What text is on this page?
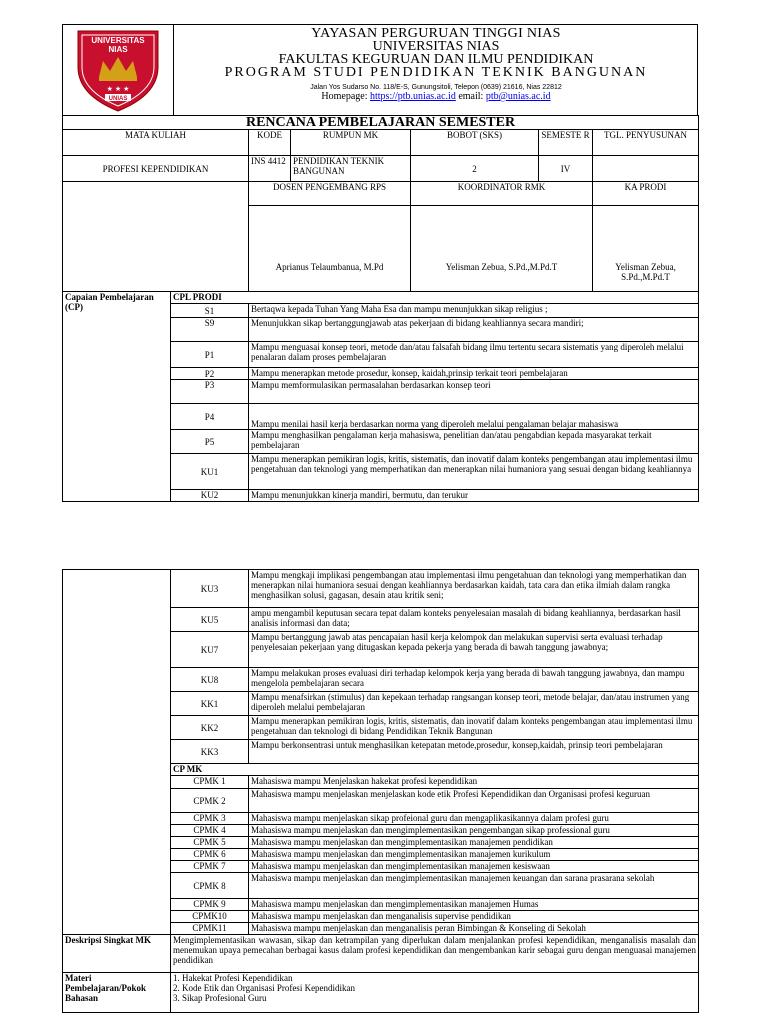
UNIVERSITAS
NIAS
★ ★ ★
UNIAS
YAYASAN PERGURUAN TINGGI NIAS
UNIVERSITAS NIAS
FAKULTAS KEGURUAN DAN ILMU PENDIDIKAN
PROGRAM STUDI PENDIDIKAN TEKNIK BANGUNAN
Jalan Yos Sudarso No. 118/E-S, Gunungsitoli, Telepon (0639) 21616, Nias 22812
Homepage: https://ptb.unias.ac.id email: ptb@unias.ac.id
RENCANA PEMBELAJARAN SEMESTER					
MATA KULIAH	KODE	RUMPUN MK	BOBOT (SKS)	SEMESTE R	TGL. PENYUSUNAN
PROFESI KEPENDIDIKAN	INS 4412	PENDIDIKAN TEKNIK BANGUNAN	2	IV	
	DOSEN PENGEMBANG RPS		KOORDINATOR RMK		KA PRODI

	Aprianus Telaumbanua, M.Pd		Yelisman Zebua, S.Pd.,M.Pd.T		Yelisman Zebua, S.Pd.,M.Pd.T
Capaian Pembelajaran (CP)	CPL PRODI	
	S1	Bertaqwa kepada Tuhan Yang Maha Esa dan mampu menunjukkan sikap religius ;
	S9	Menunjukkan sikap bertanggungjawab atas pekerjaan di bidang keahliannya secara mandiri;
	P1	Mampu menguasai konsep teori, metode dan/atau falsafah bidang ilmu tertentu secara sistematis yang diperoleh melalui penalaran dalam proses pembelajaran
	P2	Mampu menerapkan metode prosedur, konsep, kaidah,prinsip terkait teori pembelajaran
	P3	Mampu memformulasikan permasalahan berdasarkan konsep teori
	P4	Mampu menilai hasil kerja berdasarkan norma yang diperoleh melalui pengalaman belajar mahasiswa
	P5	Mampu menghasilkan pengalaman kerja mahasiswa, penelitian dan/atau pengabdian kepada masyarakat terkait pembelajaran
	KU1	Mampu menerapkan pemikiran logis, kritis, sistematis, dan inovatif dalam konteks pengembangan atau implementasi ilmu pengetahuan dan teknologi yang memperhatikan dan menerapkan nilai humaniora yang sesuai dengan bidang keahliannya
	KU2	Mampu menunjukkan kinerja mandiri, bermutu, dan terukur
	KU3	Mampu mengkaji implikasi pengembangan atau implementasi ilmu pengetahuan dan teknologi yang memperhatikan dan menerapkan nilai humaniora sesuai dengan keahliannya berdasarkan kaidah, tata cara dan etika ilmiah dalam rangka menghasilkan solusi, gagasan, desain atau kritik seni;
	KU5	ampu mengambil keputusan secara tepat dalam konteks penyelesaian masalah di bidang keahliannya, berdasarkan hasil analisis informasi dan data;
	KU7	Mampu bertanggung jawab atas pencapaian hasil kerja kelompok dan melakukan supervisi serta evaluasi terhadap penyelesaian pekerjaan yang ditugaskan kepada pekerja yang berada di bawah tanggung jawabnya;
	KU8	Mampu melakukan proses evaluasi diri terhadap kelompok kerja yang berada di bawah tanggung jawabnya, dan mampu mengelola pembelajaran secara
	KK1	Mampu menafsirkan (stimulus) dan kepekaan terhadap rangsangan konsep teori, metode belajar, dan/atau instrumen yang diperoleh melalui pembelajaran
	KK2	Mampu menerapkan pemikiran logis, kritis, sistematis, dan inovatif dalam konteks pengembangan atau implementasi ilmu pengetahuan dan teknologi di bidang Pendidikan Teknik Bangunan
	KK3	Mampu berkonsentrasi untuk menghasilkan ketepatan metode,prosedur, konsep,kaidah, prinsip teori pembelajaran
	CP MK	
	CPMK 1	Mahasiswa mampu Menjelaskan hakekat profesi kependidikan
	CPMK 2	Mahasiswa mampu menjelaskan menjelaskan kode etik Profesi Kependidikan dan Organisasi profesi keguruan
	CPMK 3	Mahasiswa mampu menjelaskan sikap profeional guru dan mengaplikasikannya dalam profesi guru
	CPMK 4	Mahasiswa mampu menjelaskan dan mengimplementasikan pengembangan sikap professional guru
	CPMK 5	Mahasiswa mampu menjelaskan dan mengimplementasikan manajemen pendidikan
	CPMK 6	Mahasiswa mampu menjelaskan dan mengimplementasikan manajemen kurikulum
	CPMK 7	Mahasiswa mampu menjelaskan dan mengimplementasikan manajemen kesiswaan
	CPMK 8	Mahasiswa mampu menjelaskan dan mengimplementasikan manajemen keuangan dan sarana prasarana sekolah
	CPMK 9	Mahasiswa mampu menjelaskan dan mengimplementasikan manajemen Humas
	CPMK10	Mahasiswa mampu menjelaskan dan menganalisis supervise pendidikan
	CPMK11	Mahasiswa mampu menjelaskan dan menganalisis peran Bimbingan & Konseling di Sekolah
Deskripsi Singkat MK	Mengimplementasikan wawasan, sikap dan ketrampilan yang diperlukan dalam menjalankan profesi kependidikan, menganalisis masalah dan menemukan upaya pemecahan berbagai kasus dalam profesi kependidikan dan mengembankan karir sebagai guru dengan menguasai manajemen pendidikan
Materi Pembelajaran/Pokok Bahasan	1. Hakekat Profesi Kependidikan
2. Kode Etik dan Organisasi Profesi Kependidikan
3. Sikap Profesional Guru
